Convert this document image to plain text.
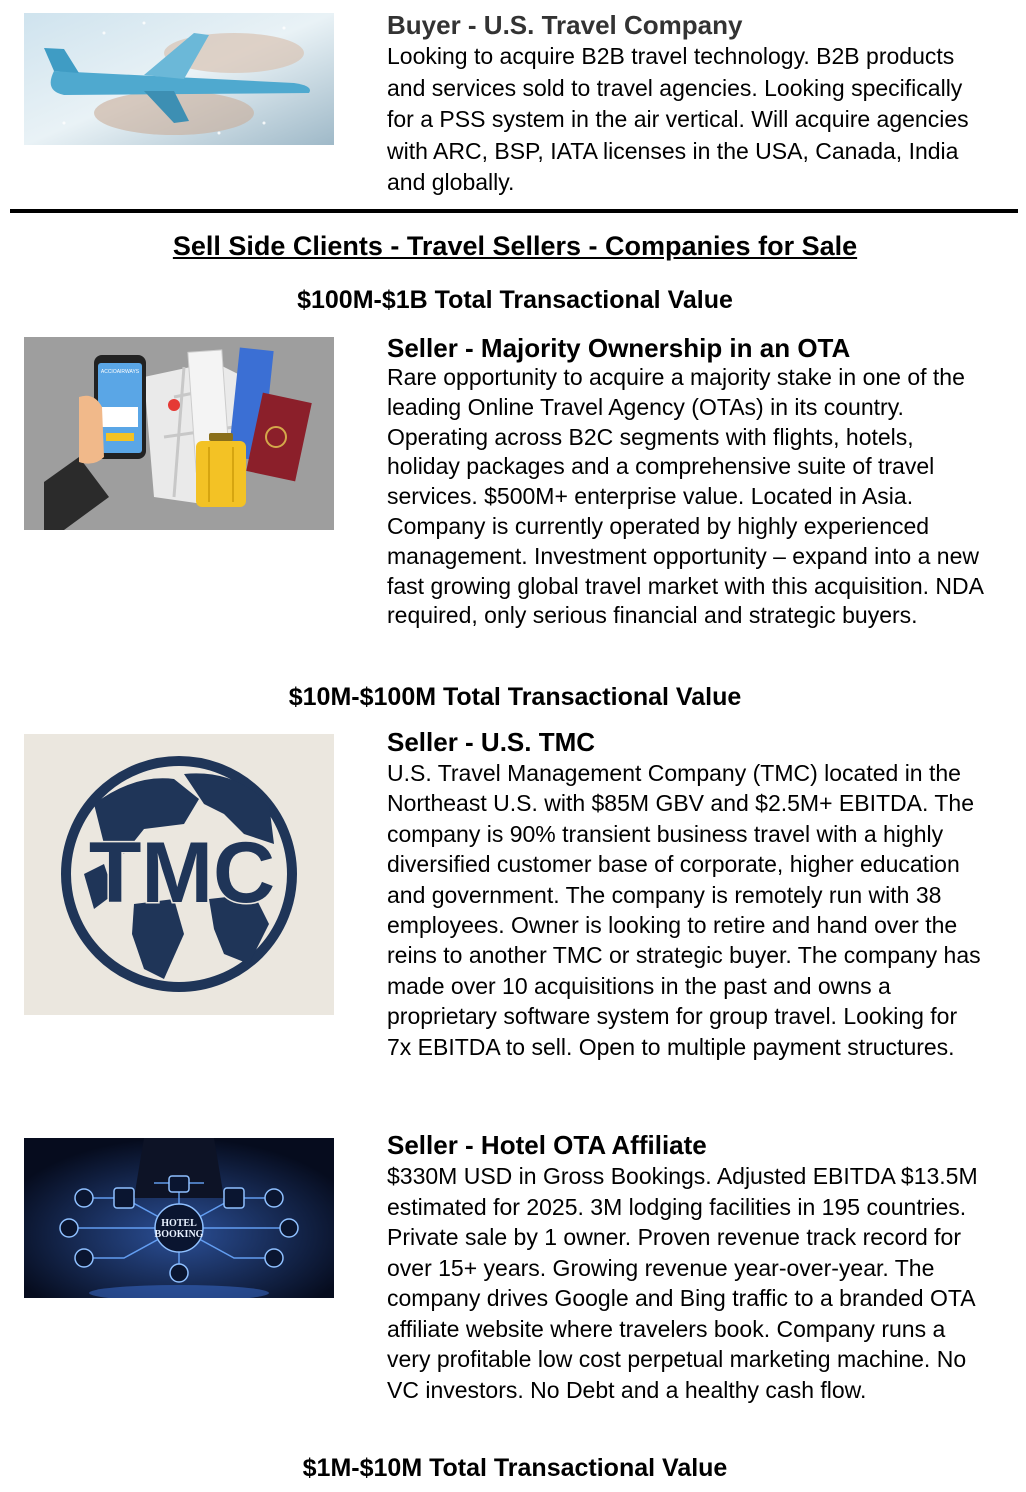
Buyer - U.S. Travel Company

Looking to acquire B2B travel technology. B2B products and services sold to travel agencies. Looking specifically for a PSS system in the air vertical. Will acquire agencies with ARC, BSP, IATA licenses in the USA, Canada, India and globally.

Sell Side Clients - Travel Sellers - Companies for Sale
$100M-$1B Total Transactional Value
ACCIOAIRWAYS

Seller - Majority Ownership in an OTA

Rare opportunity to acquire a majority stake in one of the leading Online Travel Agency (OTAs) in its country. Operating across B2C segments with flights, hotels, holiday packages and a comprehensive suite of travel services. $500M+ enterprise value. Located in Asia. Company is currently operated by highly experienced management. Investment opportunity – expand into a new fast growing global travel market with this acquisition. NDA required, only serious financial and strategic buyers.

$10M-$100M Total Transactional Value
TMC

Seller - U.S. TMC

U.S. Travel Management Company (TMC) located in the Northeast U.S. with $85M GBV and $2.5M+ EBITDA. The company is 90% transient business travel with a highly diversified customer base of corporate, higher education and government. The company is remotely run with 38 employees. Owner is looking to retire and hand over the reins to another TMC or strategic buyer. The company has made over 10 acquisitions in the past and owns a proprietary software system for group travel. Looking for 7x EBITDA to sell. Open to multiple payment structures.

HOTEL
BOOKING

Seller - Hotel OTA Affiliate

$330M USD in Gross Bookings. Adjusted EBITDA $13.5M estimated for 2025. 3M lodging facilities in 195 countries. Private sale by 1 owner. Proven revenue track record for over 15+ years. Growing revenue year-over-year. The company drives Google and Bing traffic to a branded OTA affiliate website where travelers book. Company runs a very profitable low cost perpetual marketing machine. No VC investors. No Debt and a healthy cash flow.

$1M-$10M Total Transactional Value
